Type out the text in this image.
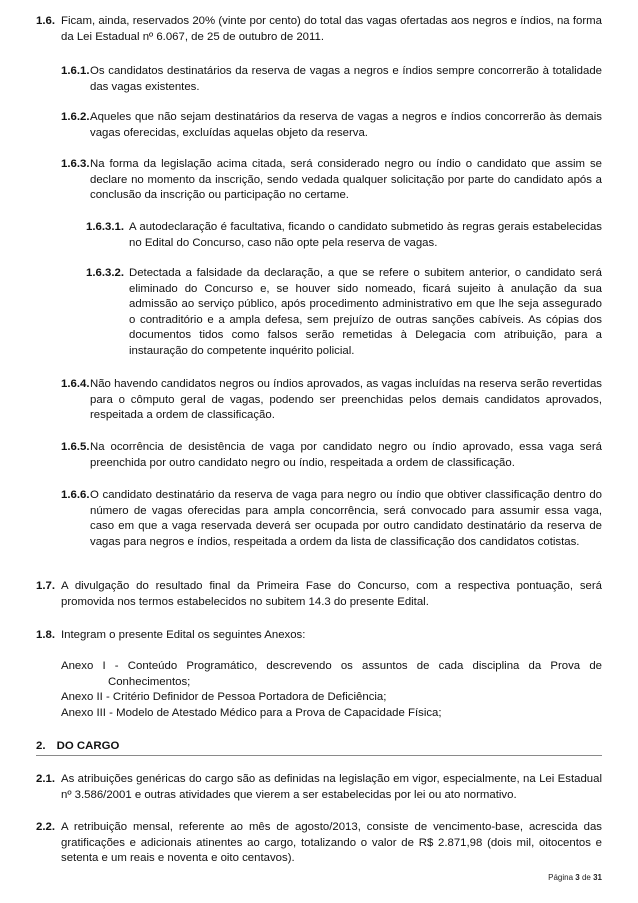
1.6. Ficam, ainda, reservados 20% (vinte por cento) do total das vagas ofertadas aos negros e índios, na forma da Lei Estadual nº 6.067, de 25 de outubro de 2011.
1.6.1. Os candidatos destinatários da reserva de vagas a negros e índios sempre concorrerão à totalidade das vagas existentes.
1.6.2. Aqueles que não sejam destinatários da reserva de vagas a negros e índios concorrerão às demais vagas oferecidas, excluídas aquelas objeto da reserva.
1.6.3. Na forma da legislação acima citada, será considerado negro ou índio o candidato que assim se declare no momento da inscrição, sendo vedada qualquer solicitação por parte do candidato após a conclusão da inscrição ou participação no certame.
1.6.3.1. A autodeclaração é facultativa, ficando o candidato submetido às regras gerais estabelecidas no Edital do Concurso, caso não opte pela reserva de vagas.
1.6.3.2. Detectada a falsidade da declaração, a que se refere o subitem anterior, o candidato será eliminado do Concurso e, se houver sido nomeado, ficará sujeito à anulação da sua admissão ao serviço público, após procedimento administrativo em que lhe seja assegurado o contraditório e a ampla defesa, sem prejuízo de outras sanções cabíveis. As cópias dos documentos tidos como falsos serão remetidas à Delegacia com atribuição, para a instauração do competente inquérito policial.
1.6.4. Não havendo candidatos negros ou índios aprovados, as vagas incluídas na reserva serão revertidas para o cômputo geral de vagas, podendo ser preenchidas pelos demais candidatos aprovados, respeitada a ordem de classificação.
1.6.5. Na ocorrência de desistência de vaga por candidato negro ou índio aprovado, essa vaga será preenchida por outro candidato negro ou índio, respeitada a ordem de classificação.
1.6.6. O candidato destinatário da reserva de vaga para negro ou índio que obtiver classificação dentro do número de vagas oferecidas para ampla concorrência, será convocado para assumir essa vaga, caso em que a vaga reservada deverá ser ocupada por outro candidato destinatário da reserva de vagas para negros e índios, respeitada a ordem da lista de classificação dos candidatos cotistas.
1.7. A divulgação do resultado final da Primeira Fase do Concurso, com a respectiva pontuação, será promovida nos termos estabelecidos no subitem 14.3 do presente Edital.
1.8. Integram o presente Edital os seguintes Anexos:
Anexo I - Conteúdo Programático, descrevendo os assuntos de cada disciplina da Prova de Conhecimentos;
Anexo II - Critério Definidor de Pessoa Portadora de Deficiência;
Anexo III - Modelo de Atestado Médico para a Prova de Capacidade Física;
2. DO CARGO
2.1. As atribuições genéricas do cargo são as definidas na legislação em vigor, especialmente, na Lei Estadual nº 3.586/2001 e outras atividades que vierem a ser estabelecidas por lei ou ato normativo.
2.2. A retribuição mensal, referente ao mês de agosto/2013, consiste de vencimento-base, acrescida das gratificações e adicionais atinentes ao cargo, totalizando o valor de R$ 2.871,98 (dois mil, oitocentos e setenta e um reais e noventa e oito centavos).
Página 3 de 31
